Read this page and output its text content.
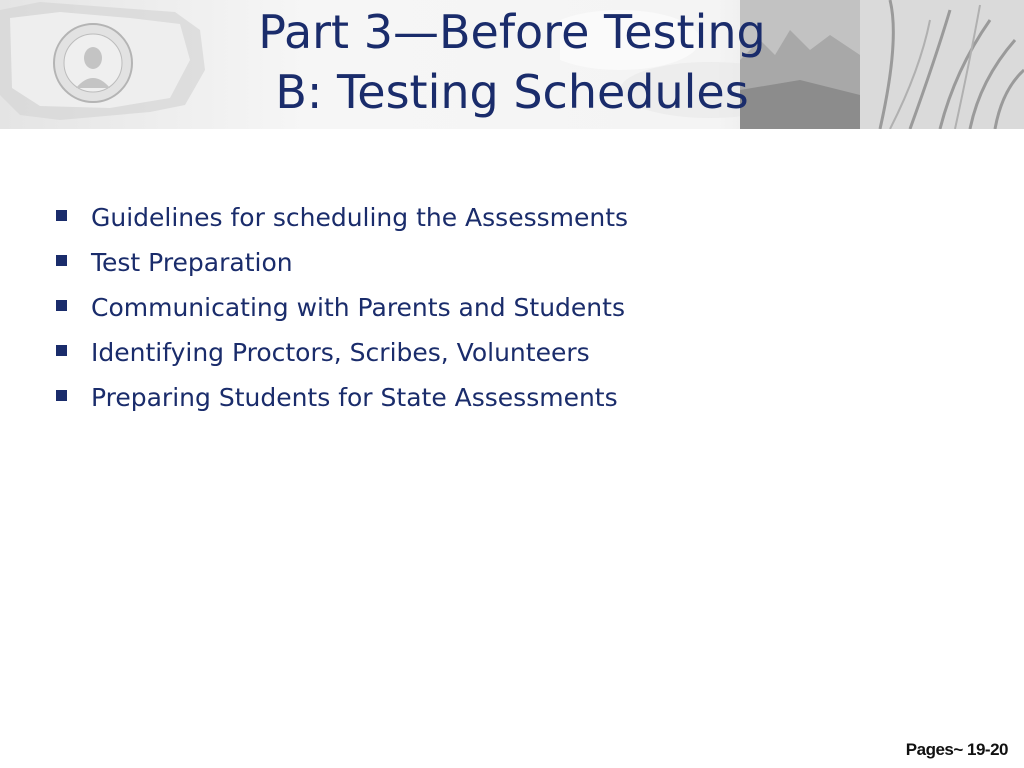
Part 3—Before Testing
B: Testing Schedules
Guidelines for scheduling the Assessments
Test Preparation
Communicating with Parents and Students
Identifying Proctors, Scribes, Volunteers
Preparing Students for State Assessments
Pages~ 19-20
